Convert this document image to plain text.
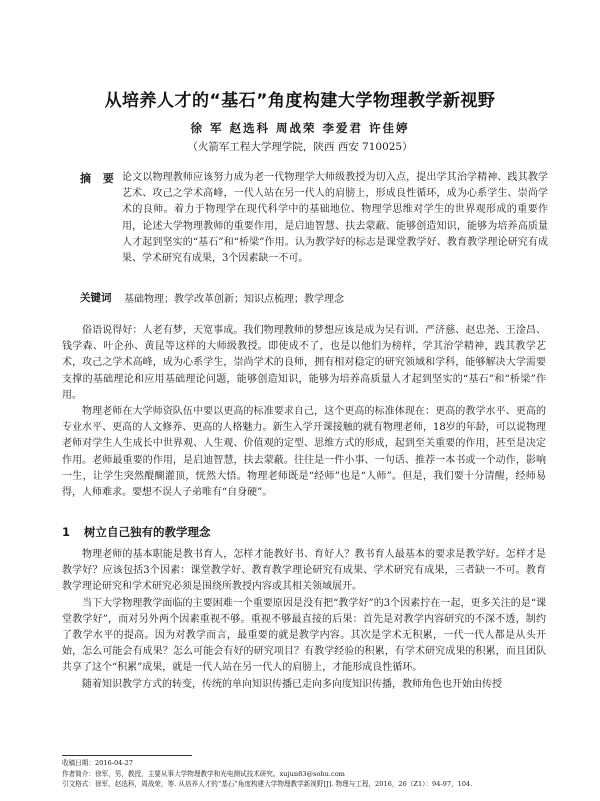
从培养人才的“基石”角度构建大学物理教学新视野
徐 军 赵选科 周战荣 李爱君 许佳婷
（火箭军工程大学理学院，陕西 西安 710025）
摘 要 论文以物理教师应该努力成为老一代物理学大师级教授为切入点，提出学其治学精神、践其教学艺术、攻己之学术高峰，一代人站在另一代人的肩膀上，形成良性循环，成为心系学生、崇尚学术的良师。着力于物理学在现代科学中的基础地位、物理学思维对学生的世界观形成的重要作用，论述大学物理教师的重要作用，是启迪智慧、扶去蒙蔽、能够创造知识，能够为培养高质量人才起到坚实的“基石”和“桥梁”作用。认为教学好的标志是课堂教学好、教育教学理论研究有成果、学术研究有成果，3个因素缺一不可。
关键词 基础物理；教学改革创新；知识点梳理；教学理念

俗语说得好：人老有梦，天宽事成。我们物理教师的梦想应该是成为吴有训、严济慈、赵忠尧、王淦昌、钱学森、叶企孙、黄昆等这样的大师级教授。即使成不了，也是以他们为榜样，学其治学精神，践其教学艺术，攻己之学术高峰，成为心系学生，崇尚学术的良师，拥有相对稳定的研究领域和学科，能够解决大学需要支撑的基础理论和应用基础理论问题，能够创造知识，能够为培养高质量人才起到坚实的“基石”和“桥梁”作用。

物理老师在大学师资队伍中要以更高的标准要求自己，这个更高的标准体现在：更高的教学水平、更高的专业水平、更高的人文修养、更高的人格魅力。新生入学开课接触的就有物理老师，18岁的年龄，可以说物理老师对学生人生成长中世界观、人生观、价值观的定型、思维方式的形成，起到至关重要的作用，甚至是决定作用。老师最重要的作用，是启迪智慧，扶去蒙蔽。往往是一件小事、一句话、推荐一本书或一个动作，影响一生，让学生突然醍醐灌顶，恍然大悟。物理老师既是“经师”也是“人师”。但是，我们要十分清醒，经师易得，人师难求。要想不误人子弟唯有“自身硬”。

1 树立自己独有的教学理念

物理老师的基本职能是教书育人，怎样才能教好书、育好人？教书育人最基本的要求是教学好。怎样才是教学好？应该包括3个因素：课堂教学好、教育教学理论研究有成果、学术研究有成果，三者缺一不可。教育教学理论研究和学术研究必须是围绕所教授内容或其相关领域展开。

当下大学物理教学面临的主要困难一个重要原因是没有把“教学好”的3个因素拧在一起，更多关注的是“课堂教学好”，而对另外两个因素重视不够。重视不够最直接的后果：首先是对教学内容研究的不深不透，制约了教学水平的提高。因为对教学而言，最重要的就是教学内容。其次是学术无积累，一代一代人都是从头开始，怎么可能会有成果？怎么可能会有好的研究项目？有教学经验的积累，有学术研究成果的积累，而且团队共享了这个“积累”成果，就是一代人站在另一代人的肩膀上，才能形成良性循环。

随着知识教学方式的转变，传统的单向知识传播已走向多向度知识传播，教师角色也开始由传授

收稿日期：2016-04-27
作者简介：徐军，男，教授，主要从事大学物理教学和光电测试技术研究。xujun83@sohu.com
引文格式：徐军，赵选科，周战荣，等. 从培养人才的“基石”角度构建大学物理教学新视野[J]. 物理与工程，2016，26（Z1）：94-97，104.
